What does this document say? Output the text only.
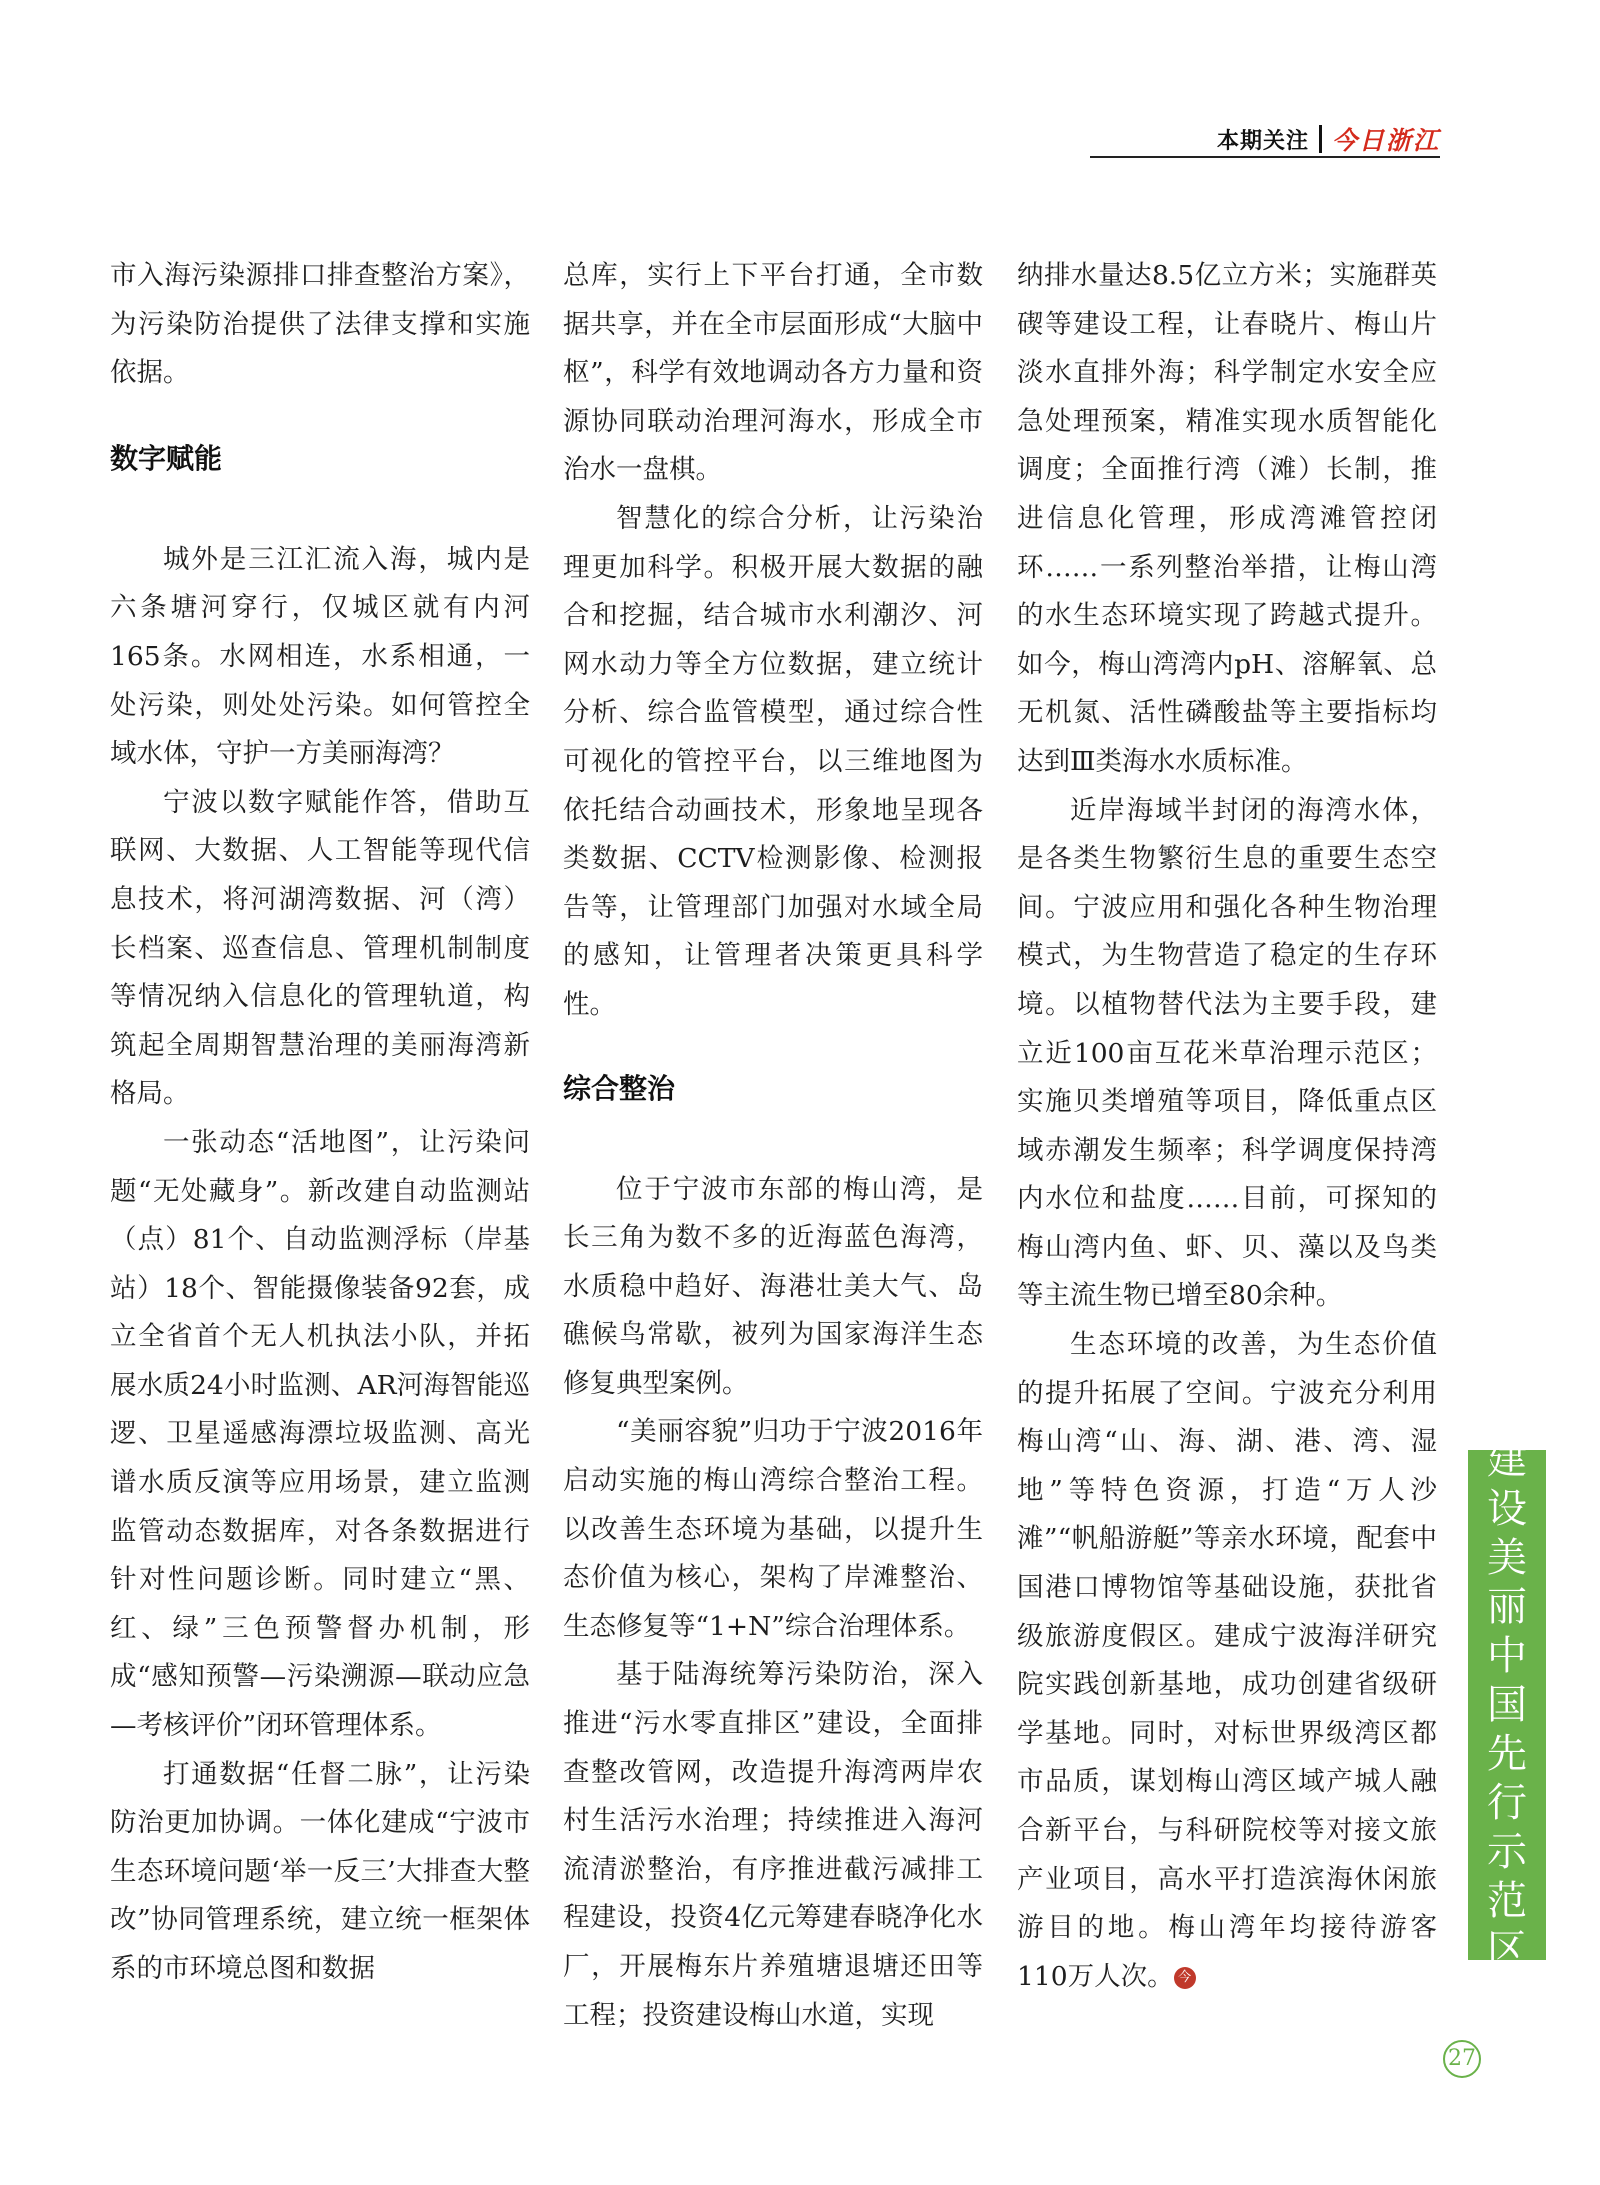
本期关注 今日浙江

市入海污染源排口排查整治方案》，为污染防治提供了法律支撑和实施依据。

数字赋能

城外是三江汇流入海，城内是六条塘河穿行，仅城区就有内河165条。水网相连，水系相通，一处污染，则处处污染。如何管控全域水体，守护一方美丽海湾？

宁波以数字赋能作答，借助互联网、大数据、人工智能等现代信息技术，将河湖湾数据、河（湾）长档案、巡查信息、管理机制制度等情况纳入信息化的管理轨道，构筑起全周期智慧治理的美丽海湾新格局。

一张动态“活地图”，让污染问题“无处藏身”。新改建自动监测站（点）81个、自动监测浮标（岸基站）18个、智能摄像装备92套，成立全省首个无人机执法小队，并拓展水质24小时监测、AR河海智能巡逻、卫星遥感海漂垃圾监测、高光谱水质反演等应用场景，建立监测监管动态数据库，对各条数据进行针对性问题诊断。同时建立“黑、红、绿”三色预警督办机制，形成“感知预警—污染溯源—联动应急—考核评价”闭环管理体系。

打通数据“任督二脉”，让污染防治更加协调。一体化建成“宁波市生态环境问题‘举一反三’大排查大整改”协同管理系统，建立统一框架体系的市环境总图和数据

总库，实行上下平台打通，全市数据共享，并在全市层面形成“大脑中枢”，科学有效地调动各方力量和资源协同联动治理河海水，形成全市治水一盘棋。

智慧化的综合分析，让污染治理更加科学。积极开展大数据的融合和挖掘，结合城市水利潮汐、河网水动力等全方位数据，建立统计分析、综合监管模型，通过综合性可视化的管控平台，以三维地图为依托结合动画技术，形象地呈现各类数据、CCTV检测影像、检测报告等，让管理部门加强对水域全局的感知，让管理者决策更具科学性。

综合整治

位于宁波市东部的梅山湾，是长三角为数不多的近海蓝色海湾，水质稳中趋好、海港壮美大气、岛礁候鸟常歇，被列为国家海洋生态修复典型案例。

“美丽容貌”归功于宁波2016年启动实施的梅山湾综合整治工程。以改善生态环境为基础，以提升生态价值为核心，架构了岸滩整治、生态修复等“1+N”综合治理体系。

基于陆海统筹污染防治，深入推进“污水零直排区”建设，全面排查整改管网，改造提升海湾两岸农村生活污水治理；持续推进入海河流清淤整治，有序推进截污减排工程建设，投资4亿元筹建春晓净化水厂，开展梅东片养殖塘退塘还田等工程；投资建设梅山水道，实现

纳排水量达8.5亿立方米；实施群英碶等建设工程，让春晓片、梅山片淡水直排外海；科学制定水安全应急处理预案，精准实现水质智能化调度；全面推行湾（滩）长制，推进信息化管理，形成湾滩管控闭环……一系列整治举措，让梅山湾的水生态环境实现了跨越式提升。如今，梅山湾湾内pH、溶解氧、总无机氮、活性磷酸盐等主要指标均达到Ⅲ类海水水质标准。

近岸海域半封闭的海湾水体，是各类生物繁衍生息的重要生态空间。宁波应用和强化各种生物治理模式，为生物营造了稳定的生存环境。以植物替代法为主要手段，建立近100亩互花米草治理示范区；实施贝类增殖等项目，降低重点区域赤潮发生频率；科学调度保持湾内水位和盐度……目前，可探知的梅山湾内鱼、虾、贝、藻以及鸟类等主流生物已增至80余种。

生态环境的改善，为生态价值的提升拓展了空间。宁波充分利用梅山湾“山、海、湖、港、湾、湿地”等特色资源，打造“万人沙滩”“帆船游艇”等亲水环境，配套中国港口博物馆等基础设施，获批省级旅游度假区。建成宁波海洋研究院实践创新基地，成功创建省级研学基地。同时，对标世界级湾区都市品质，谋划梅山湾区域产城人融合新平台，与科研院校等对接文旅产业项目，高水平打造滨海休闲旅游目的地。梅山湾年均接待游客110万人次。 今

建
设
美
丽
中
国
先
行
示
范
区
27
